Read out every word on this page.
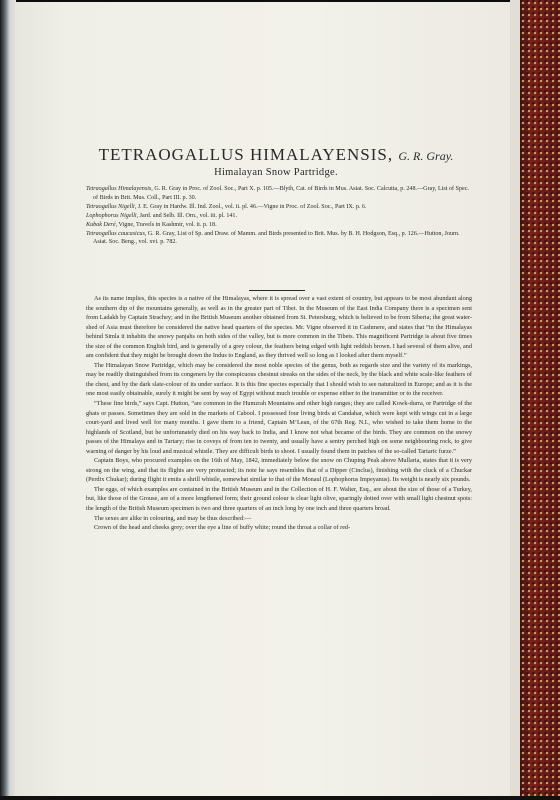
TETRAOGALLUS HIMALAYENSIS, G. R. Gray.
Himalayan Snow Partridge.
Tetraogallus Himalayensis, G. R. Gray in Proc. of Zool. Soc., Part X. p. 105.—Blyth, Cat. of Birds in Mus. Asiat. Soc. Calcutta, p. 248.—Gray, List of Spec. of Birds in Brit. Mus. Coll., Part III. p. 30.
Tetraogallus Nigelli, J. E. Gray in Hardw. Ill. Ind. Zool., vol. ii. pl. 46.—Vigne in Proc. of Zool. Soc., Part IX. p. 6.
Lophophorus Nigelli, Jard. and Selb. Ill. Orn., vol. iii. pl. 141.
Kubak Deré, Vigne, Travels in Kashmir, vol. ii. p. 18.
Tetraogallus caucasicus, G. R. Gray, List of Sp. and Draw. of Mamm. and Birds presented to Brit. Mus. by B. H. Hodgson, Esq., p. 126.—Hutton, Journ. Asiat. Soc. Beng., vol. xvi. p. 782.

As its name implies, this species is a native of the Himalayas, where it is spread over a vast extent of country, but appears to be most abundant along the southern dip of the mountains generally, as well as in the greater part of Tibet. In the Museum of the East India Company there is a specimen sent from Ladakh by Captain Strachey; and in the British Museum another obtained from St. Petersburg, which is believed to be from Siberia; the great water-shed of Asia must therefore be considered the native head quarters of the species. Mr. Vigne observed it in Cashmere, and states that “in the Himalayas behind Simla it inhabits the snowy panjahs on both sides of the valley, but is more common in the Tibets. This magnificent Partridge is about five times the size of the common English bird, and is generally of a grey colour, the feathers being edged with light reddish brown. I had several of them alive, and am confident that they might be brought down the Indus to England, as they thrived well so long as I looked after them myself.”

The Himalayan Snow Partridge, which may be considered the most noble species of the genus, both as regards size and the variety of its markings, may be readily distinguished from its congeners by the conspicuous chestnut streaks on the sides of the neck, by the black and white scale-like feathers of the chest, and by the dark slate-colour of its under surface. It is this fine species especially that I should wish to see naturalized in Europe; and as it is the one most easily obtainable, surely it might be sent by way of Egypt without much trouble or expense either to the transmitter or to the receiver.

“These fine birds,” says Capt. Hutton, “are common in the Humzrah Mountains and other high ranges; they are called Kowk-durra, or Partridge of the ghats or passes. Sometimes they are sold in the markets of Cabool. I possessed four living birds at Candahar, which were kept with wings cut in a large court-yard and lived well for many months. I gave them to a friend, Captain M‘Lean, of the 67th Reg. N.I., who wished to take them home to the highlands of Scotland, but he unfortunately died on his way back to India, and I know not what became of the birds. They are common on the snowy passes of the Himalaya and in Tartary; rise in coveys of from ten to twenty, and usually have a sentry perched high on some neighbouring rock, to give warning of danger by his loud and musical whistle. They are difficult birds to shoot. I usually found them in patches of the so-called Tartaric furze.”

Captain Boys, who procured examples on the 16th of May, 1842, immediately below the snow on Chuping Peak above Mullaria, states that it is very strong on the wing, and that its flights are very protracted; its note he says resembles that of a Dipper (Cinclus), finishing with the cluck of a Chuckar (Perdix Chukar); during flight it emits a shrill whistle, somewhat similar to that of the Monaul (Lophophorus Impeyanus). Its weight is nearly six pounds.

The eggs, of which examples are contained in the British Museum and in the Collection of H. F. Walter, Esq., are about the size of those of a Turkey, but, like those of the Grouse, are of a more lengthened form; their ground colour is clear light olive, sparingly dotted over with small light chestnut spots: the length of the British Museum specimen is two and three quarters of an inch long by one inch and three quarters broad.

The sexes are alike in colouring, and may be thus described:—

Crown of the head and cheeks grey; over the eye a line of buffy white; round the throat a collar of red-
